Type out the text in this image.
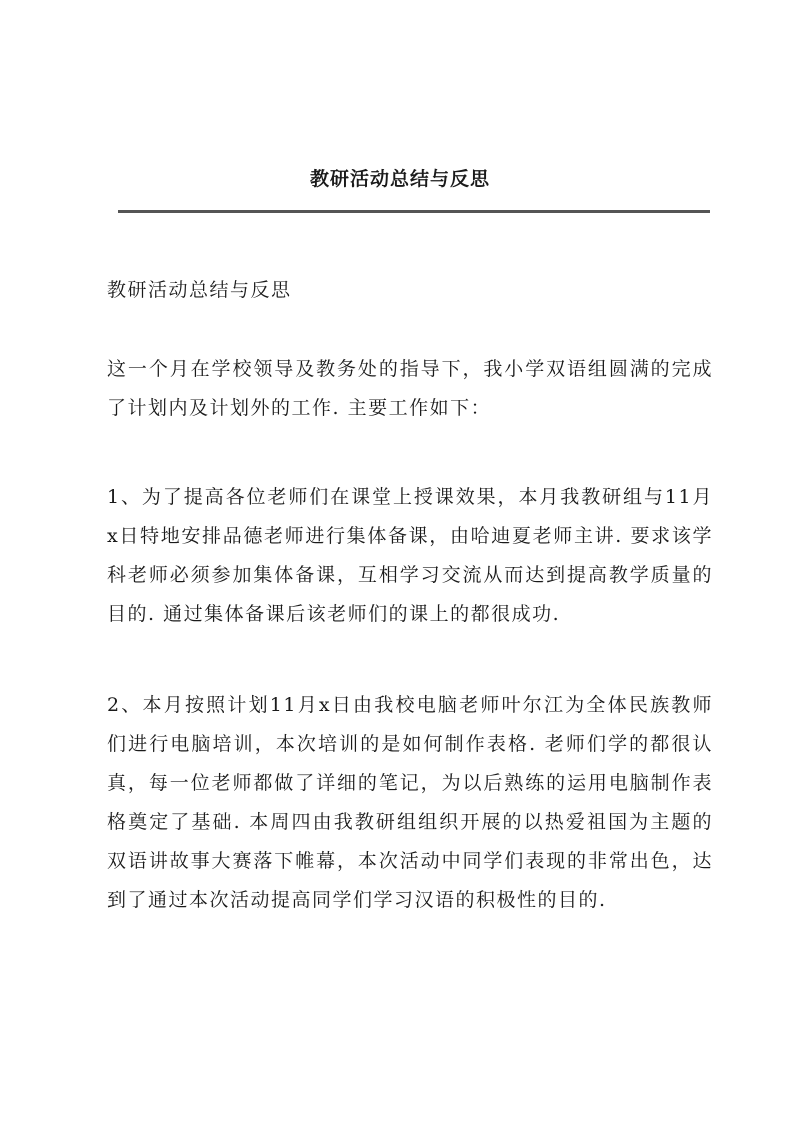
教研活动总结与反思
教研活动总结与反思
这一个月在学校领导及教务处的指导下，我小学双语组圆满的完成了计划内及计划外的工作. 主要工作如下：
1、为了提高各位老师们在课堂上授课效果，本月我教研组与11月x日特地安排品德老师进行集体备课，由哈迪夏老师主讲. 要求该学科老师必须参加集体备课，互相学习交流从而达到提高教学质量的目的. 通过集体备课后该老师们的课上的都很成功.
2、本月按照计划11月x日由我校电脑老师叶尔江为全体民族教师们进行电脑培训，本次培训的是如何制作表格. 老师们学的都很认真，每一位老师都做了详细的笔记，为以后熟练的运用电脑制作表格奠定了基础. 本周四由我教研组组织开展的以热爱祖国为主题的双语讲故事大赛落下帷幕，本次活动中同学们表现的非常出色，达到了通过本次活动提高同学们学习汉语的积极性的目的.
